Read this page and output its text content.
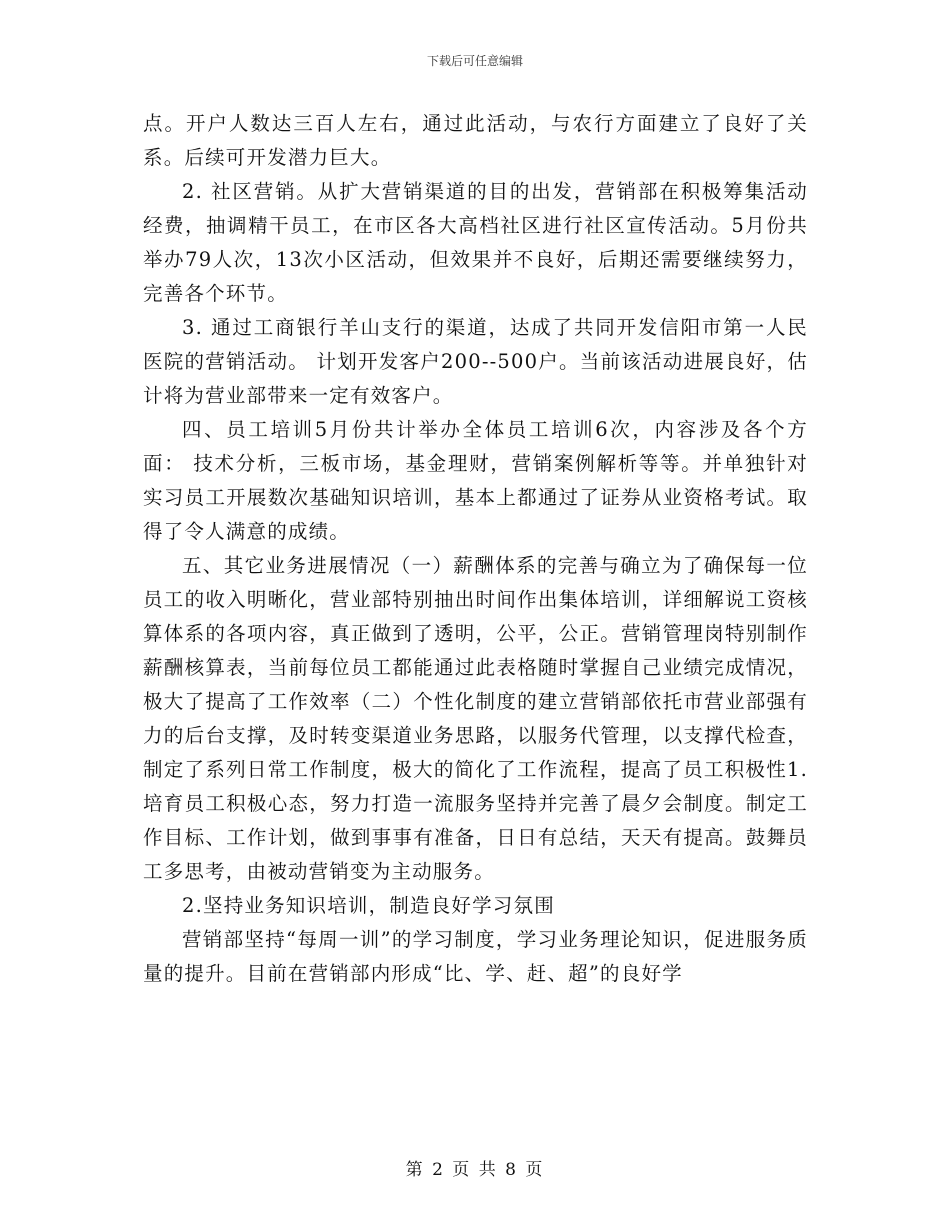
下载后可任意编辑

点。开户人数达三百人左右，通过此活动，与农行方面建立了良好了关系。后续可开发潜力巨大。

2. 社区营销。从扩大营销渠道的目的出发，营销部在积极筹集活动经费，抽调精干员工，在市区各大高档社区进行社区宣传活动。5月份共举办79人次，13次小区活动，但效果并不良好，后期还需要继续努力，完善各个环节。

3. 通过工商银行羊山支行的渠道，达成了共同开发信阳市第一人民医院的营销活动。 计划开发客户200--500户。当前该活动进展良好，估计将为营业部带来一定有效客户。

四、员工培训5月份共计举办全体员工培训6次，内容涉及各个方面： 技术分析，三板市场，基金理财，营销案例解析等等。并单独针对实习员工开展数次基础知识培训，基本上都通过了证券从业资格考试。取得了令人满意的成绩。

五、其它业务进展情况（一）薪酬体系的完善与确立为了确保每一位员工的收入明晰化，营业部特别抽出时间作出集体培训，详细解说工资核算体系的各项内容，真正做到了透明，公平，公正。营销管理岗特别制作薪酬核算表，当前每位员工都能通过此表格随时掌握自己业绩完成情况，极大了提高了工作效率（二）个性化制度的建立营销部依托市营业部强有力的后台支撑，及时转变渠道业务思路，以服务代管理，以支撑代检查，制定了系列日常工作制度，极大的简化了工作流程，提高了员工积极性1.培育员工积极心态，努力打造一流服务坚持并完善了晨夕会制度。制定工作目标、工作计划，做到事事有准备，日日有总结，天天有提高。鼓舞员工多思考，由被动营销变为主动服务。

2.坚持业务知识培训，制造良好学习氛围

营销部坚持“每周一训”的学习制度，学习业务理论知识，促进服务质量的提升。目前在营销部内形成“比、学、赶、超”的良好学

第 2 页 共 8 页
